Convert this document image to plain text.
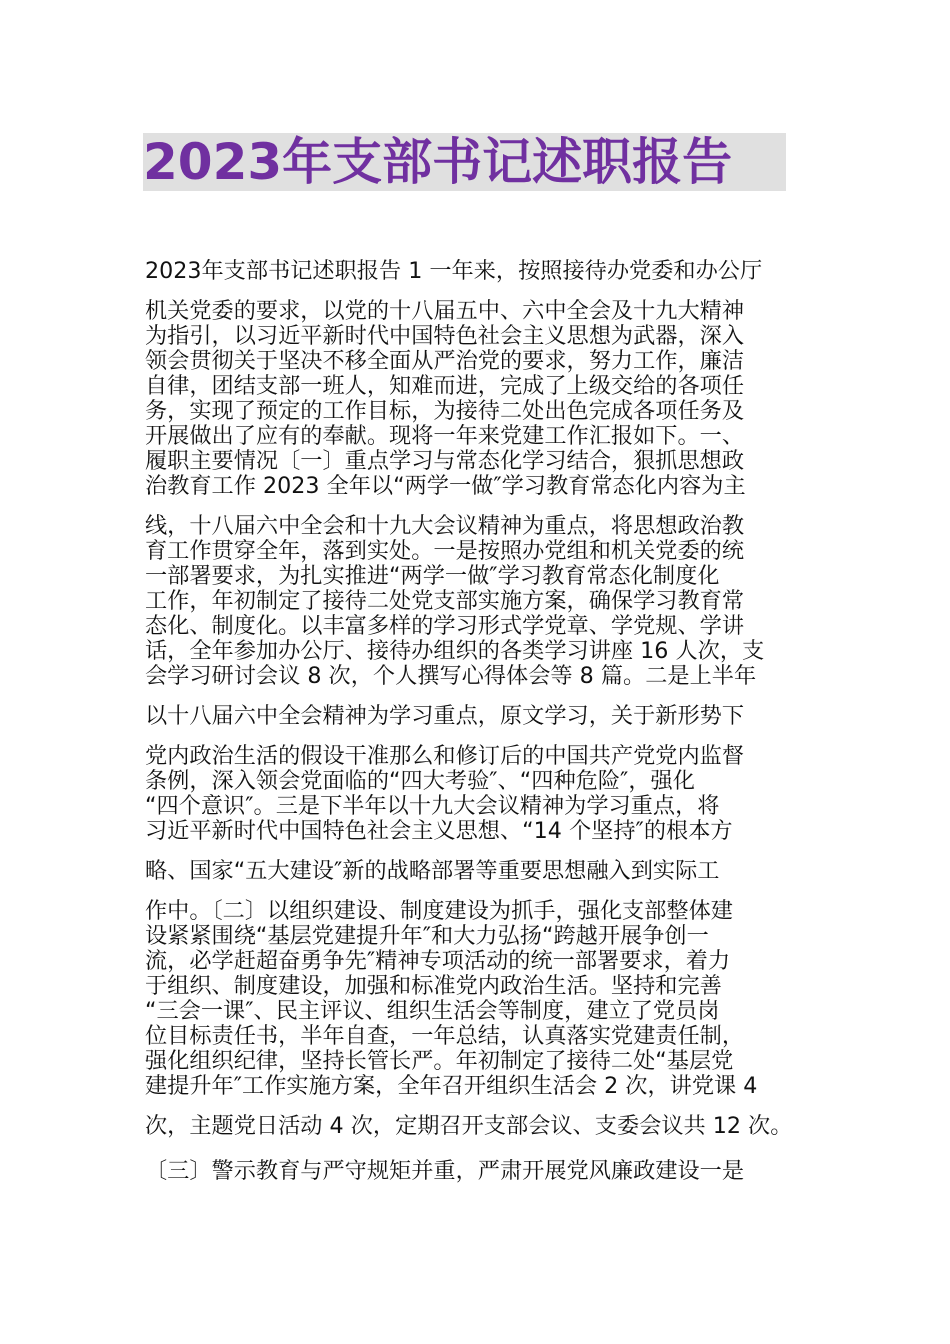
2023年支部书记述职报告
2023年支部书记述职报告 1 一年来，按照接待办党委和办公厅
机关党委的要求，以党的十八届五中、六中全会及十九大精神
为指引，以习近平新时代中国特色社会主义思想为武器，深入
领会贯彻关于坚决不移全面从严治党的要求，努力工作，廉洁
自律，团结支部一班人，知难而进，完成了上级交给的各项任
务，实现了预定的工作目标，为接待二处出色完成各项任务及
开展做出了应有的奉献。现将一年来党建工作汇报如下。一、
履职主要情况〔一〕重点学习与常态化学习结合，狠抓思想政
治教育工作 2023 全年以“两学一做″学习教育常态化内容为主
线，十八届六中全会和十九大会议精神为重点，将思想政治教
育工作贯穿全年，落到实处。一是按照办党组和机关党委的统
一部署要求，为扎实推进“两学一做″学习教育常态化制度化
工作，年初制定了接待二处党支部实施方案，确保学习教育常
态化、制度化。以丰富多样的学习形式学党章、学党规、学讲
话，全年参加办公厅、接待办组织的各类学习讲座 16 人次，支
会学习研讨会议 8 次，个人撰写心得体会等 8 篇。二是上半年
以十八届六中全会精神为学习重点，原文学习，关于新形势下
党内政治生活的假设干准那么和修订后的中国共产党党内监督
条例，深入领会党面临的“四大考验″、“四种危险″，强化
“四个意识″。三是下半年以十九大会议精神为学习重点，将
习近平新时代中国特色社会主义思想、“14 个坚持″的根本方
略、国家“五大建设″新的战略部署等重要思想融入到实际工
作中。〔二〕以组织建设、制度建设为抓手，强化支部整体建
设紧紧围绕“基层党建提升年″和大力弘扬“跨越开展争创一
流，必学赶超奋勇争先″精神专项活动的统一部署要求，着力
于组织、制度建设，加强和标准党内政治生活。坚持和完善
“三会一课″、民主评议、组织生活会等制度，建立了党员岗
位目标责任书，半年自查，一年总结，认真落实党建责任制，
强化组织纪律，坚持长管长严。年初制定了接待二处“基层党
建提升年″工作实施方案，全年召开组织生活会 2 次，讲党课 4
次，主题党日活动 4 次，定期召开支部会议、支委会议共 12 次。
〔三〕警示教育与严守规矩并重，严肃开展党风廉政建设一是
